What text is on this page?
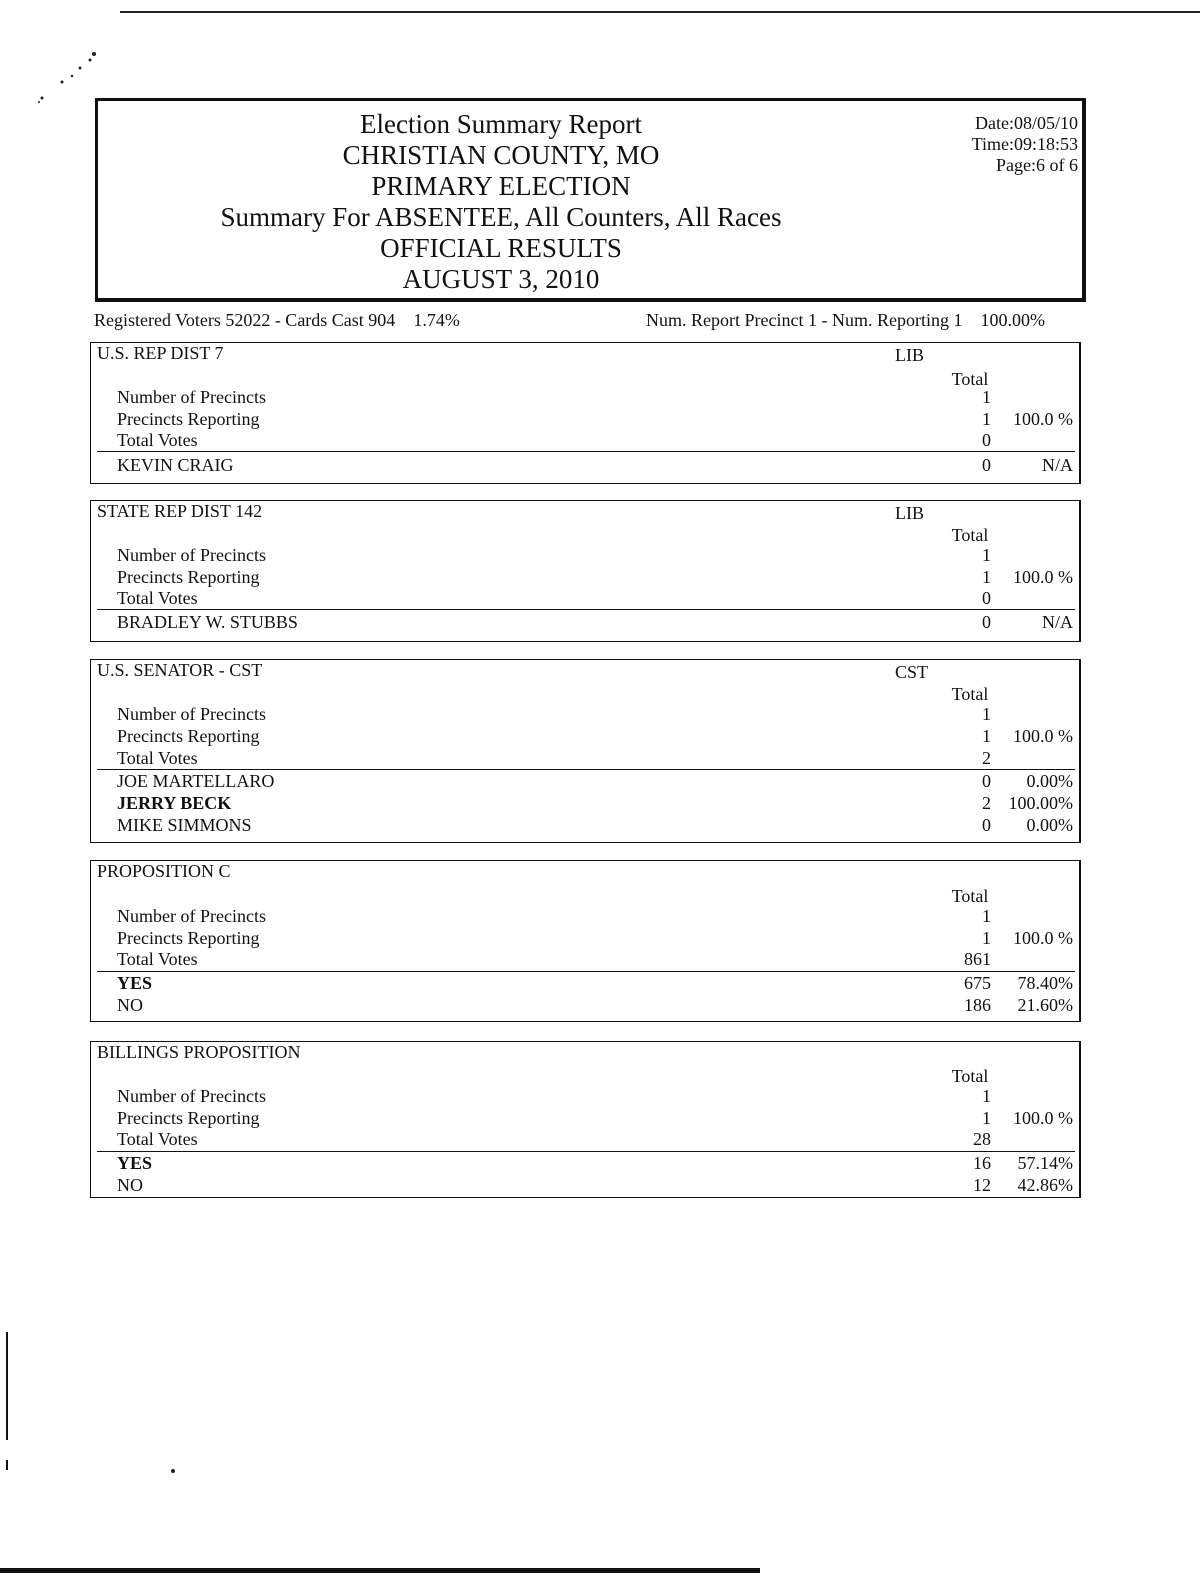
Election Summary Report
CHRISTIAN COUNTY, MO
PRIMARY ELECTION
Summary For ABSENTEE, All Counters, All Races
OFFICIAL RESULTS
AUGUST 3, 2010
Date:08/05/10
Time:09:18:53
Page:6 of 6
Registered Voters 52022 - Cards Cast 904 1.74%	Num. Report Precinct 1 - Num. Reporting 1 100.00%
U.S. REP DIST 7	LIB
Total
Number of Precincts	1
Precincts Reporting	1 100.0 %
Total Votes	0
KEVIN CRAIG	0	N/A
STATE REP DIST 142	LIB
Total
Number of Precincts	1
Precincts Reporting	1 100.0 %
Total Votes	0
BRADLEY W. STUBBS	0	N/A
U.S. SENATOR - CST	CST
Total
Number of Precincts	1
Precincts Reporting	1 100.0 %
Total Votes	2
JOE MARTELLARO	0 0.00%
JERRY BECK	2 100.00%
MIKE SIMMONS	0 0.00%
PROPOSITION C
Total
Number of Precincts	1
Precincts Reporting	1 100.0 %
Total Votes	861
YES	675 78.40%
NO	186 21.60%
BILLINGS PROPOSITION
Total
Number of Precincts	1
Precincts Reporting	1 100.0 %
Total Votes	28
YES	16 57.14%
NO	12 42.86%
